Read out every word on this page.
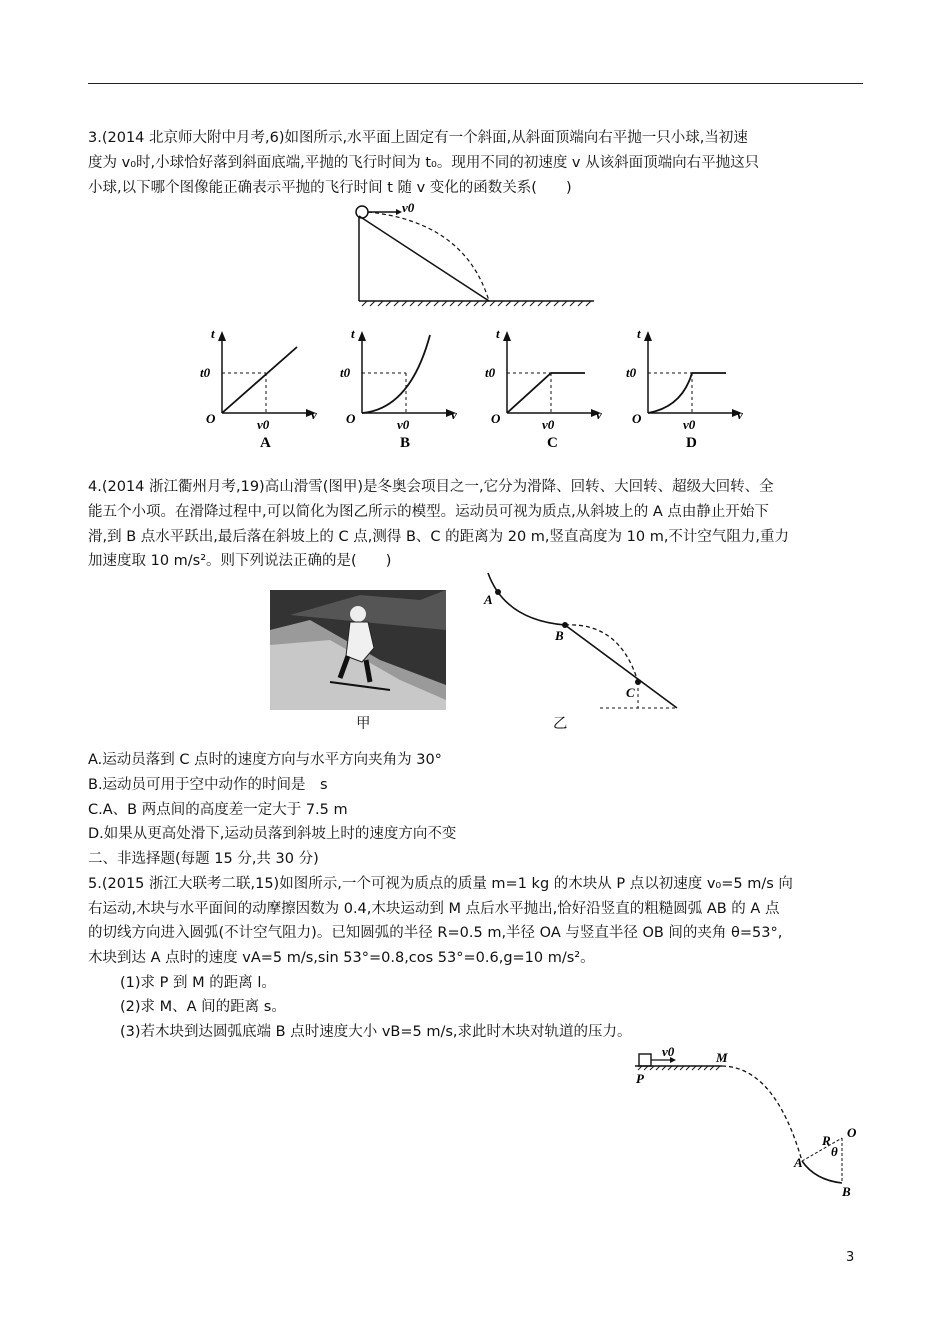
3.(2014 北京师大附中月考,6)如图所示,水平面上固定有一个斜面,从斜面顶端向右平抛一只小球,当初速
度为 v₀时,小球恰好落到斜面底端,平抛的飞行时间为 t₀。现用不同的初速度 v 从该斜面顶端向右平抛这只
小球,以下哪个图像能正确表示平抛的飞行时间 t 随 v 变化的函数关系(　　)
v0
t
t0
O	v0
v
A
t
t0
O	v0
v
B
t
t0
O	v0
v
C
t
t0
O	v0
v
D
4.(2014 浙江衢州月考,19)高山滑雪(图甲)是冬奥会项目之一,它分为滑降、回转、大回转、超级大回转、全
能五个小项。在滑降过程中,可以简化为图乙所示的模型。运动员可视为质点,从斜坡上的 A 点由静止开始下
滑,到 B 点水平跃出,最后落在斜坡上的 C 点,测得 B、C 的距离为 20 m,竖直高度为 10 m,不计空气阻力,重力
加速度取 10 m/s²。则下列说法正确的是(　　)
甲
A
B
C
乙
A.运动员落到 C 点时的速度方向与水平方向夹角为 30°
B.运动员可用于空中动作的时间是　s
C.A、B 两点间的高度差一定大于 7.5 m
D.如果从更高处滑下,运动员落到斜坡上时的速度方向不变
二、非选择题(每题 15 分,共 30 分)
5.(2015 浙江大联考二联,15)如图所示,一个可视为质点的质量 m=1 kg 的木块从 P 点以初速度 v₀=5 m/s 向
右运动,木块与水平面间的动摩擦因数为 0.4,木块运动到 M 点后水平抛出,恰好沿竖直的粗糙圆弧 AB 的 A 点
的切线方向进入圆弧(不计空气阻力)。已知圆弧的半径 R=0.5 m,半径 OA 与竖直半径 OB 间的夹角 θ=53°,
木块到达 A 点时的速度 vA=5 m/s,sin 53°=0.8,cos 53°=0.6,g=10 m/s²。
(1)求 P 到 M 的距离 l。
(2)求 M、A 间的距离 s。
(3)若木块到达圆弧底端 B 点时速度大小 vB=5 m/s,求此时木块对轨道的压力。
v0
P
M
R
O
θ
A
B
3
